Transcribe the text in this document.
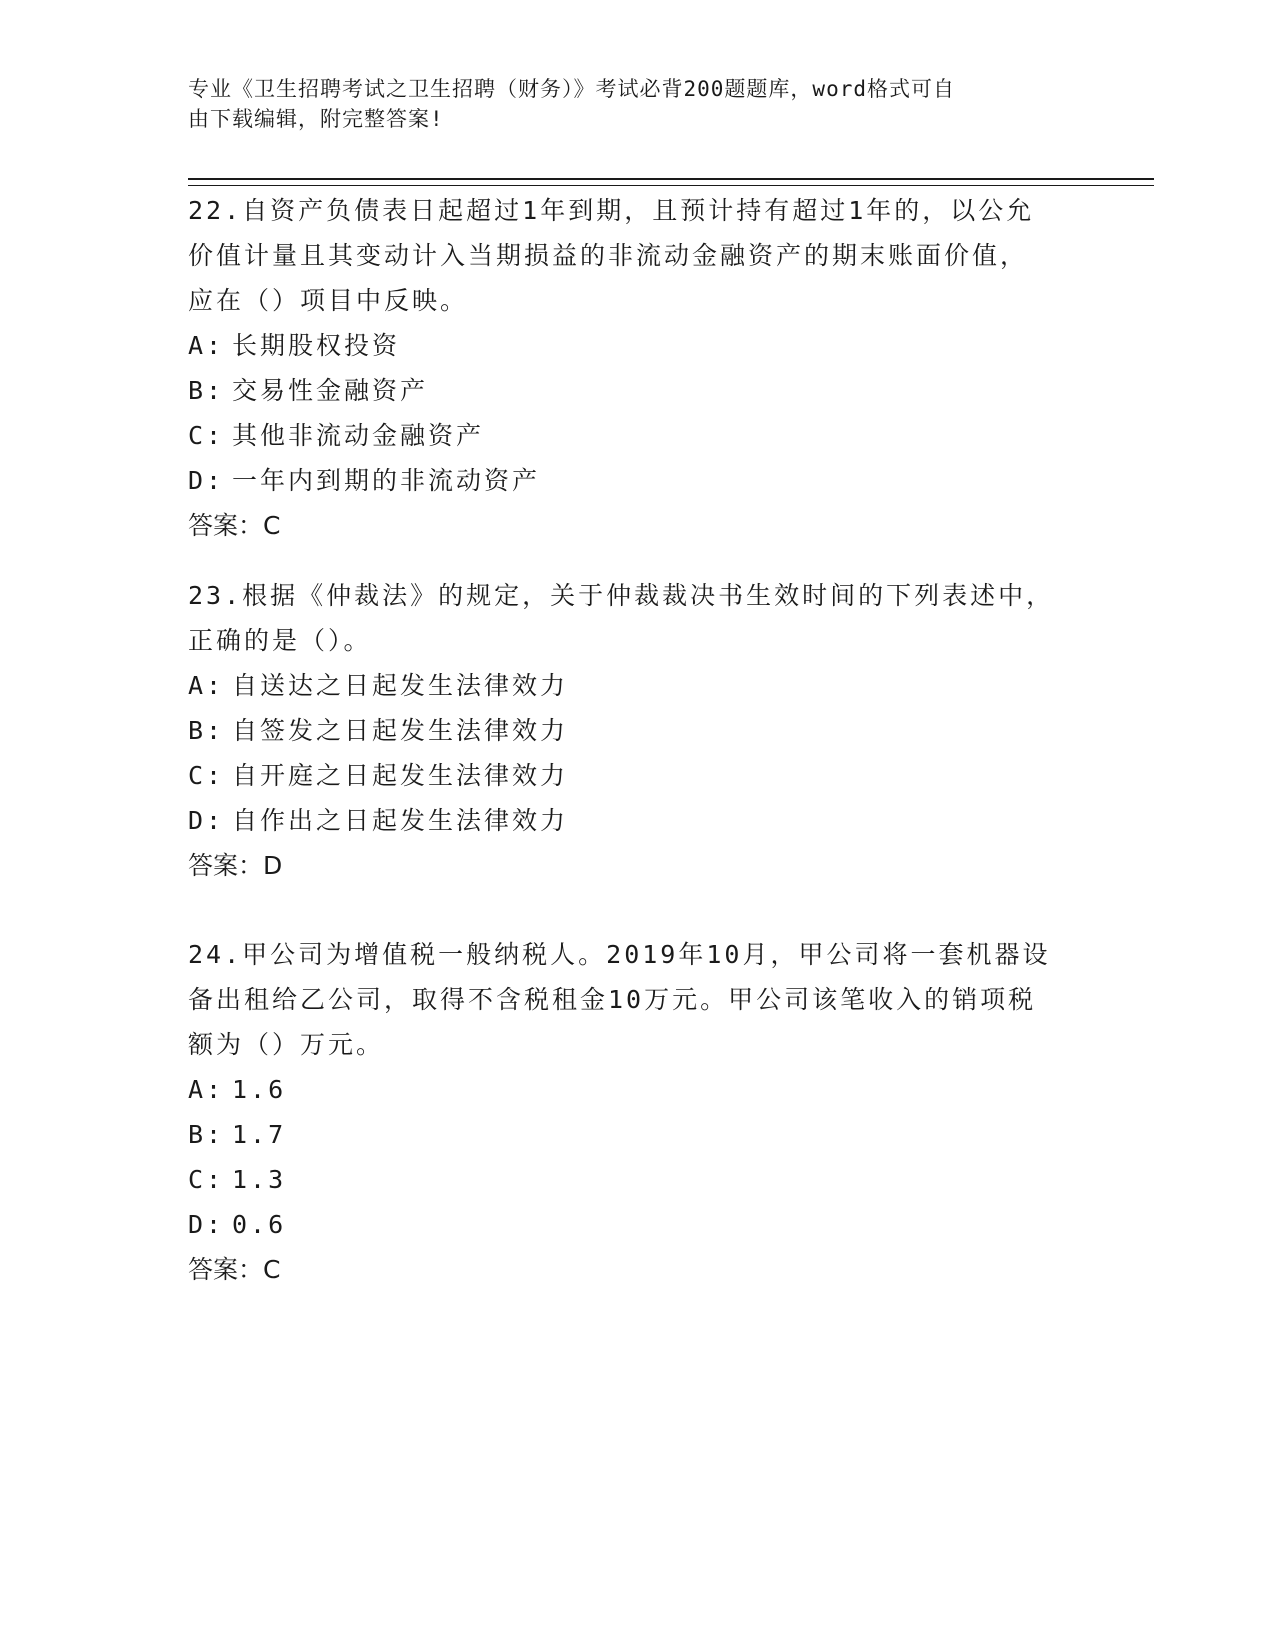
专业《卫生招聘考试之卫生招聘（财务）》考试必背200题题库，word格式可自
由下载编辑，附完整答案!

22.自资产负债表日起超过1年到期，且预计持有超过1年的，以公允

价值计量且其变动计入当期损益的非流动金融资产的期末账面价值，

应在（）项目中反映。

A: 长期股权投资
B: 交易性金融资产
C: 其他非流动金融资产
D: 一年内到期的非流动资产

答案：C

23.根据《仲裁法》的规定，关于仲裁裁决书生效时间的下列表述中，

正确的是（）。

A: 自送达之日起发生法律效力
B: 自签发之日起发生法律效力
C: 自开庭之日起发生法律效力
D: 自作出之日起发生法律效力

答案：D

24.甲公司为增值税一般纳税人。2019年10月，甲公司将一套机器设

备出租给乙公司，取得不含税租金10万元。甲公司该笔收入的销项税

额为（）万元。

A: 1.6
B: 1.7
C: 1.3
D: 0.6

答案：C
